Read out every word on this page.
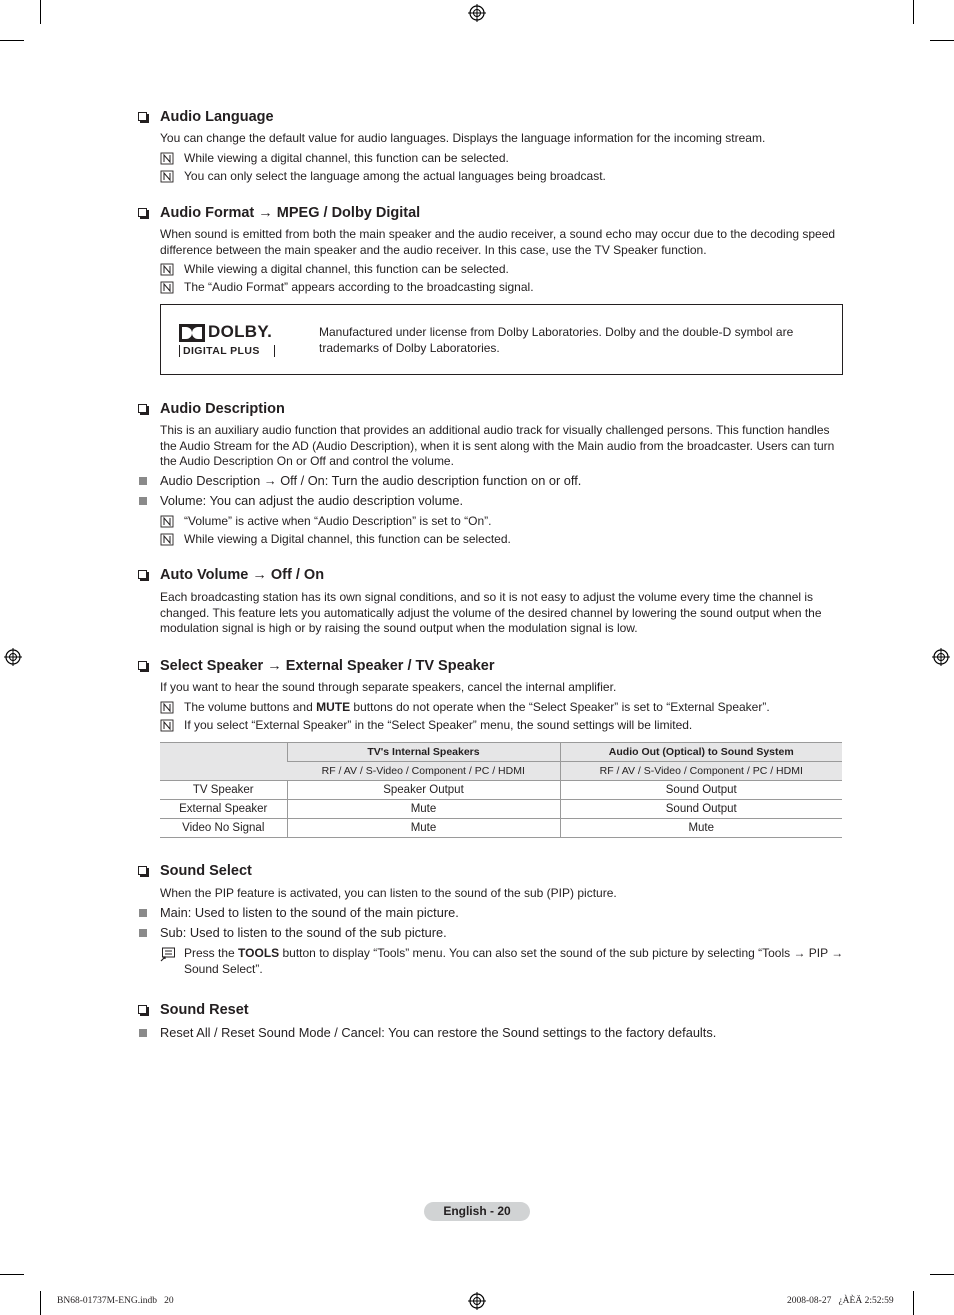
Audio Language
You can change the default value for audio languages. Displays the language information for the incoming stream.
While viewing a digital channel, this function can be selected.
You can only select the language among the actual languages being broadcast.
Audio Format → MPEG / Dolby Digital
When sound is emitted from both the main speaker and the audio receiver, a sound echo may occur due to the decoding speed difference between the main speaker and the audio receiver. In this case, use the TV Speaker function.
While viewing a digital channel, this function can be selected.
The “Audio Format” appears according to the broadcasting signal.
DOLBY.
DIGITAL PLUS
Manufactured under license from Dolby Laboratories. Dolby and the double-D symbol are trademarks of Dolby Laboratories.
Audio Description
This is an auxiliary audio function that provides an additional audio track for visually challenged persons. This function handles the Audio Stream for the AD (Audio Description), when it is sent along with the Main audio from the broadcaster. Users can turn the Audio Description On or Off and control the volume.
Audio Description → Off / On: Turn the audio description function on or off.
Volume: You can adjust the audio description volume.
“Volume” is active when “Audio Description” is set to “On”.
While viewing a Digital channel, this function can be selected.
Auto Volume → Off / On
Each broadcasting station has its own signal conditions, and so it is not easy to adjust the volume every time the channel is changed. This feature lets you automatically adjust the volume of the desired channel by lowering the sound output when the modulation signal is high or by raising the sound output when the modulation signal is low.
Select Speaker → External Speaker / TV Speaker
If you want to hear the sound through separate speakers, cancel the internal amplifier.
The volume buttons and MUTE buttons do not operate when the “Select Speaker” is set to “External Speaker”.
If you select “External Speaker” in the “Select Speaker” menu, the sound settings will be limited.
	TV's Internal Speakers	Audio Out (Optical) to Sound System
	RF / AV / S-Video / Component / PC / HDMI	RF / AV / S-Video / Component / PC / HDMI
TV Speaker	Speaker Output	Sound Output
External Speaker	Mute	Sound Output
Video No Signal	Mute	Mute
Sound Select
When the PIP feature is activated, you can listen to the sound of the sub (PIP) picture.
Main: Used to listen to the sound of the main picture.
Sub: Used to listen to the sound of the sub picture.
Press the TOOLS button to display “Tools” menu. You can also set the sound of the sub picture by selecting “Tools → PIP → Sound Select”.
Sound Reset
Reset All / Reset Sound Mode / Cancel: You can restore the Sound settings to the factory defaults.
English - 20
BN68-01737M-ENG.indb   20	2008-08-27   ¿ÀÈÄ 2:52:59
